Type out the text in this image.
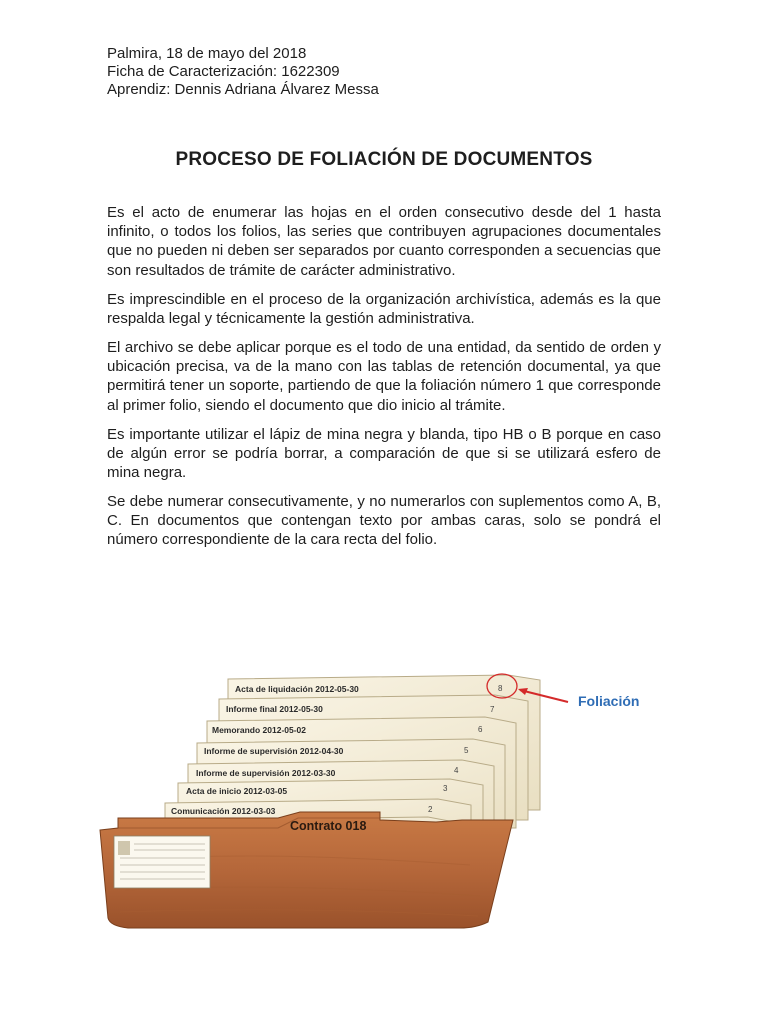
Palmira, 18 de mayo del 2018
Ficha de Caracterización: 1622309
Aprendiz: Dennis Adriana Álvarez Messa
PROCESO DE FOLIACIÓN DE DOCUMENTOS

Es el acto de enumerar las hojas en el orden consecutivo desde del 1 hasta infinito, o todos los folios, las series que contribuyen agrupaciones documentales que no pueden ni deben ser separados por cuanto corresponden a secuencias que son resultados de trámite de carácter administrativo.

Es imprescindible en el proceso de la organización archivística, además es la que respalda legal y técnicamente la gestión administrativa.

El archivo se debe aplicar porque es el todo de una entidad, da sentido de orden y ubicación precisa, va de la mano con las tablas de retención documental, ya que permitirá tener un soporte, partiendo de que la foliación número 1 que corresponde al primer folio, siendo el documento que dio inicio al trámite.

Es importante utilizar el lápiz de mina negra y blanda, tipo HB o B porque en caso de algún error se podría borrar, a comparación de que si se utilizará esfero de mina negra.

Se debe numerar consecutivamente, y no numerarlos con suplementos como A, B, C. En documentos que contengan texto por ambas caras, solo se pondrá el número correspondiente de la cara recta del folio.

Acta de liquidación 2012-05-30	8
Informe final 2012-05-30	7
Memorando 2012-05-02	6
Informe de supervisión 2012-04-30	5
Informe de supervisión 2012-03-30	4
Acta de inicio 2012-03-05	3
Comunicación 2012-03-03	2
Foliación
Contrato 018
